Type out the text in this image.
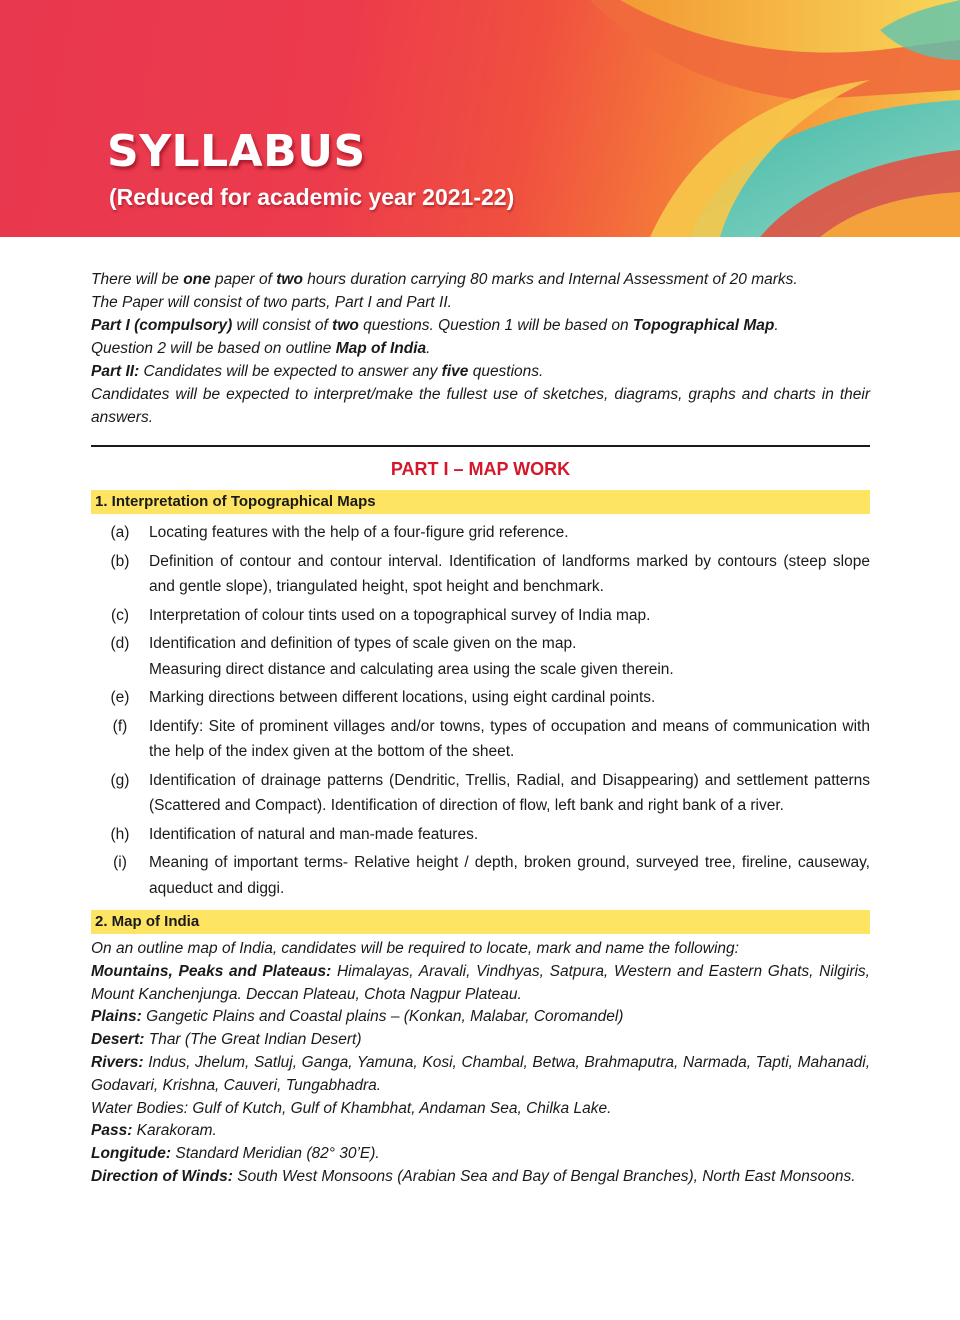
SYLLABUS

(Reduced for academic year 2021-22)

There will be one paper of two hours duration carrying 80 marks and Internal Assessment of 20 marks.

The Paper will consist of two parts, Part I and Part II.

Part I (compulsory) will consist of two questions. Question 1 will be based on Topographical Map.

Question 2 will be based on outline Map of India.

Part II: Candidates will be expected to answer any five questions.

Candidates will be expected to interpret/make the fullest use of sketches, diagrams, graphs and charts in their answers.

PART I – MAP WORK
1. Interpretation of Topographical Maps
(a)	Locating features with the help of a four-figure grid reference.
(b)	Definition of contour and contour interval. Identification of landforms marked by contours (steep slope and gentle slope), triangulated height, spot height and benchmark.
(c)	Interpretation of colour tints used on a topographical survey of India map.
(d)	Identification and definition of types of scale given on the map.
Measuring direct distance and calculating area using the scale given therein.
(e)	Marking directions between different locations, using eight cardinal points.
(f)	Identify: Site of prominent villages and/or towns, types of occupation and means of communication with the help of the index given at the bottom of the sheet.
(g)	Identification of drainage patterns (Dendritic, Trellis, Radial, and Disappearing) and settlement patterns (Scattered and Compact). Identification of direction of flow, left bank and right bank of a river.
(h)	Identification of natural and man-made features.
(i)	Meaning of important terms- Relative height / depth, broken ground, surveyed tree, fireline, causeway, aqueduct and diggi.
2. Map of India

On an outline map of India, candidates will be required to locate, mark and name the following:

Mountains, Peaks and Plateaus: Himalayas, Aravali, Vindhyas, Satpura, Western and Eastern Ghats, Nilgiris, Mount Kanchenjunga. Deccan Plateau, Chota Nagpur Plateau.

Plains: Gangetic Plains and Coastal plains – (Konkan, Malabar, Coromandel)

Desert: Thar (The Great Indian Desert)

Rivers: Indus, Jhelum, Satluj, Ganga, Yamuna, Kosi, Chambal, Betwa, Brahmaputra, Narmada, Tapti, Mahanadi, Godavari, Krishna, Cauveri, Tungabhadra.

Water Bodies: Gulf of Kutch, Gulf of Khambhat, Andaman Sea, Chilka Lake.

Pass: Karakoram.

Longitude: Standard Meridian (82° 30’E).

Direction of Winds: South West Monsoons (Arabian Sea and Bay of Bengal Branches), North East Monsoons.
